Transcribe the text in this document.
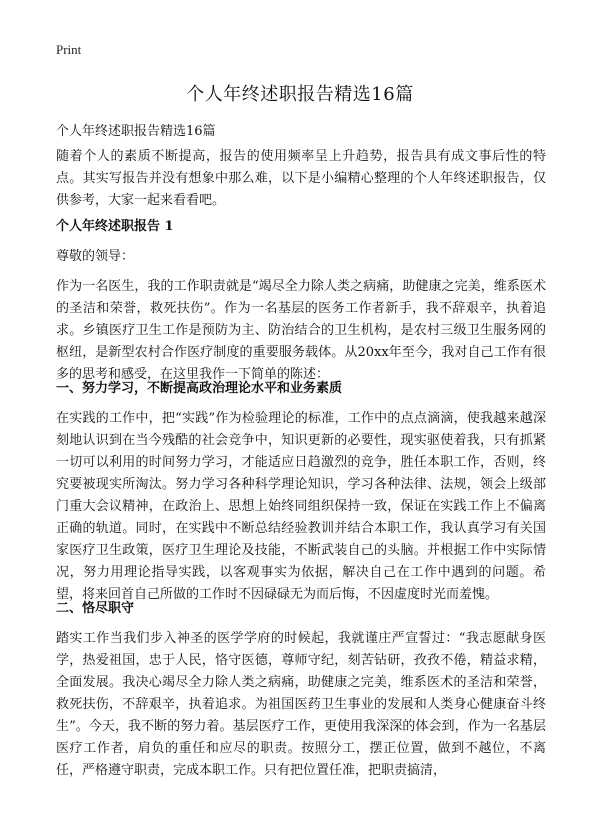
Print
个人年终述职报告精选16篇
个人年终述职报告精选16篇
随着个人的素质不断提高，报告的使用频率呈上升趋势，报告具有成文事后性的特点。其实写报告并没有想象中那么难，以下是小编精心整理的个人年终述职报告，仅供参考，大家一起来看看吧。
个人年终述职报告 1
尊敬的领导：
作为一名医生，我的工作职责就是“竭尽全力除人类之病痛，助健康之完美，维系医术的圣洁和荣誉，救死扶伤”。作为一名基层的医务工作者新手，我不辞艰辛，执着追求。乡镇医疗卫生工作是预防为主、防治结合的卫生机构，是农村三级卫生服务网的枢纽，是新型农村合作医疗制度的重要服务载体。从20xx年至今，我对自己工作有很多的思考和感受，在这里我作一下简单的陈述：
一、努力学习，不断提高政治理论水平和业务素质
在实践的工作中，把“实践”作为检验理论的标准，工作中的点点滴滴，使我越来越深刻地认识到在当今残酷的社会竞争中，知识更新的必要性，现实驱使着我，只有抓紧一切可以利用的时间努力学习，才能适应日趋激烈的竞争，胜任本职工作，否则，终究要被现实所淘汰。努力学习各种科学理论知识，学习各种法律、法规，领会上级部门重大会议精神，在政治上、思想上始终同组织保持一致，保证在实践工作上不偏离正确的轨道。同时，在实践中不断总结经验教训并结合本职工作，我认真学习有关国家医疗卫生政策，医疗卫生理论及技能，不断武装自己的头脑。并根据工作中实际情况，努力用理论指导实践，以客观事实为依据，解决自己在工作中遇到的问题。希望，将来回首自己所做的工作时不因碌碌无为而后悔，不因虚度时光而羞愧。
二、恪尽职守
踏实工作当我们步入神圣的医学学府的时候起，我就谨庄严宣誓过：“我志愿献身医学，热爱祖国，忠于人民，恪守医德，尊师守纪，刻苦钻研，孜孜不倦，精益求精，全面发展。我决心竭尽全力除人类之病痛，助健康之完美，维系医术的圣洁和荣誉，救死扶伤，不辞艰辛，执着追求。为祖国医药卫生事业的发展和人类身心健康奋斗终生”。今天，我不断的努力着。基层医疗工作，更使用我深深的体会到，作为一名基层医疗工作者，肩负的重任和应尽的职责。按照分工，摆正位置，做到不越位，不离任，严格遵守职责，完成本职工作。只有把位置任准，把职责搞清，
